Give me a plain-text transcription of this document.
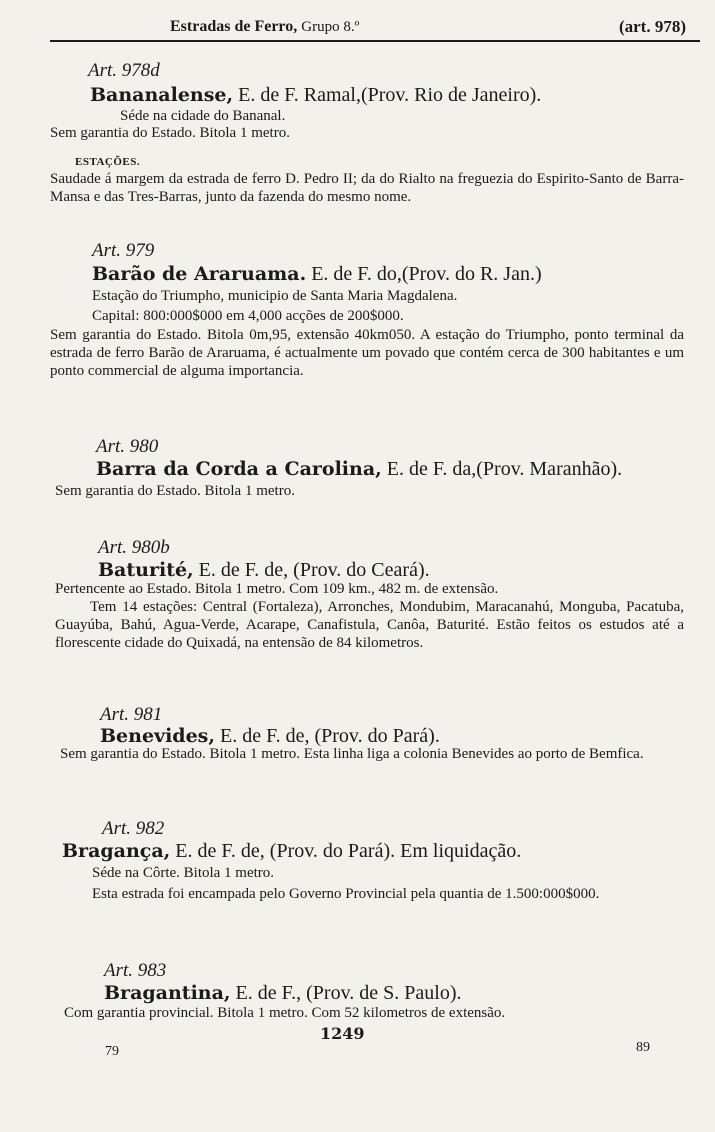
Estradas de Ferro, Grupo 8.º	(art. 978)
Art. 978d
Bananalense, E. de F. Ramal,(Prov. Rio de Janeiro).
Séde na cidade do Bananal.
Sem garantia do Estado. Bitola 1 metro.
ESTAÇÕES.
Saudade á margem da estrada de ferro D. Pedro II; da do Rialto na freguezia do Espirito-Santo de Barra-Mansa e das Tres-Barras, junto da fazenda do mesmo nome.
Art. 979
Barão de Araruama. E. de F. do,(Prov. do R. Jan.)
Estação do Triumpho, municipio de Santa Maria Magdalena.
Capital: 800:000$000 em 4,000 acções de 200$000.
Sem garantia do Estado. Bitola 0m,95, extensão 40km050. A estação do Triumpho, ponto terminal da estrada de ferro Barão de Araruama, é actualmente um povado que contém cerca de 300 habitantes e um ponto commercial de alguma importancia.
Art. 980
Barra da Corda a Carolina, E. de F. da,(Prov. Maranhão).
Sem garantia do Estado. Bitola 1 metro.
Art. 980b
Baturité, E. de F. de, (Prov. do Ceará).
Pertencente ao Estado. Bitola 1 metro. Com 109 km., 482 m. de extensão.
Tem 14 estações: Central (Fortaleza), Arronches, Mondubim, Maracanahú, Monguba, Pacatuba, Guayúba, Bahú, Agua-Verde, Acarape, Canafistula, Canôa, Baturité. Estão feitos os estudos até a florescente cidade do Quixadá, na entensão de 84 kilometros.
Art. 981
Benevides, E. de F. de, (Prov. do Pará).
Sem garantia do Estado. Bitola 1 metro. Esta linha liga a colonia Benevides ao porto de Bemfica.
Art. 982
Bragança, E. de F. de, (Prov. do Pará). Em liquidação.
Séde na Côrte. Bitola 1 metro.
Esta estrada foi encampada pelo Governo Provincial pela quantia de 1.500:000$000.
Art. 983
Bragantina, E. de F., (Prov. de S. Paulo).
Com garantia provincial. Bitola 1 metro. Com 52 kilometros de extensão.
1249
79	89
